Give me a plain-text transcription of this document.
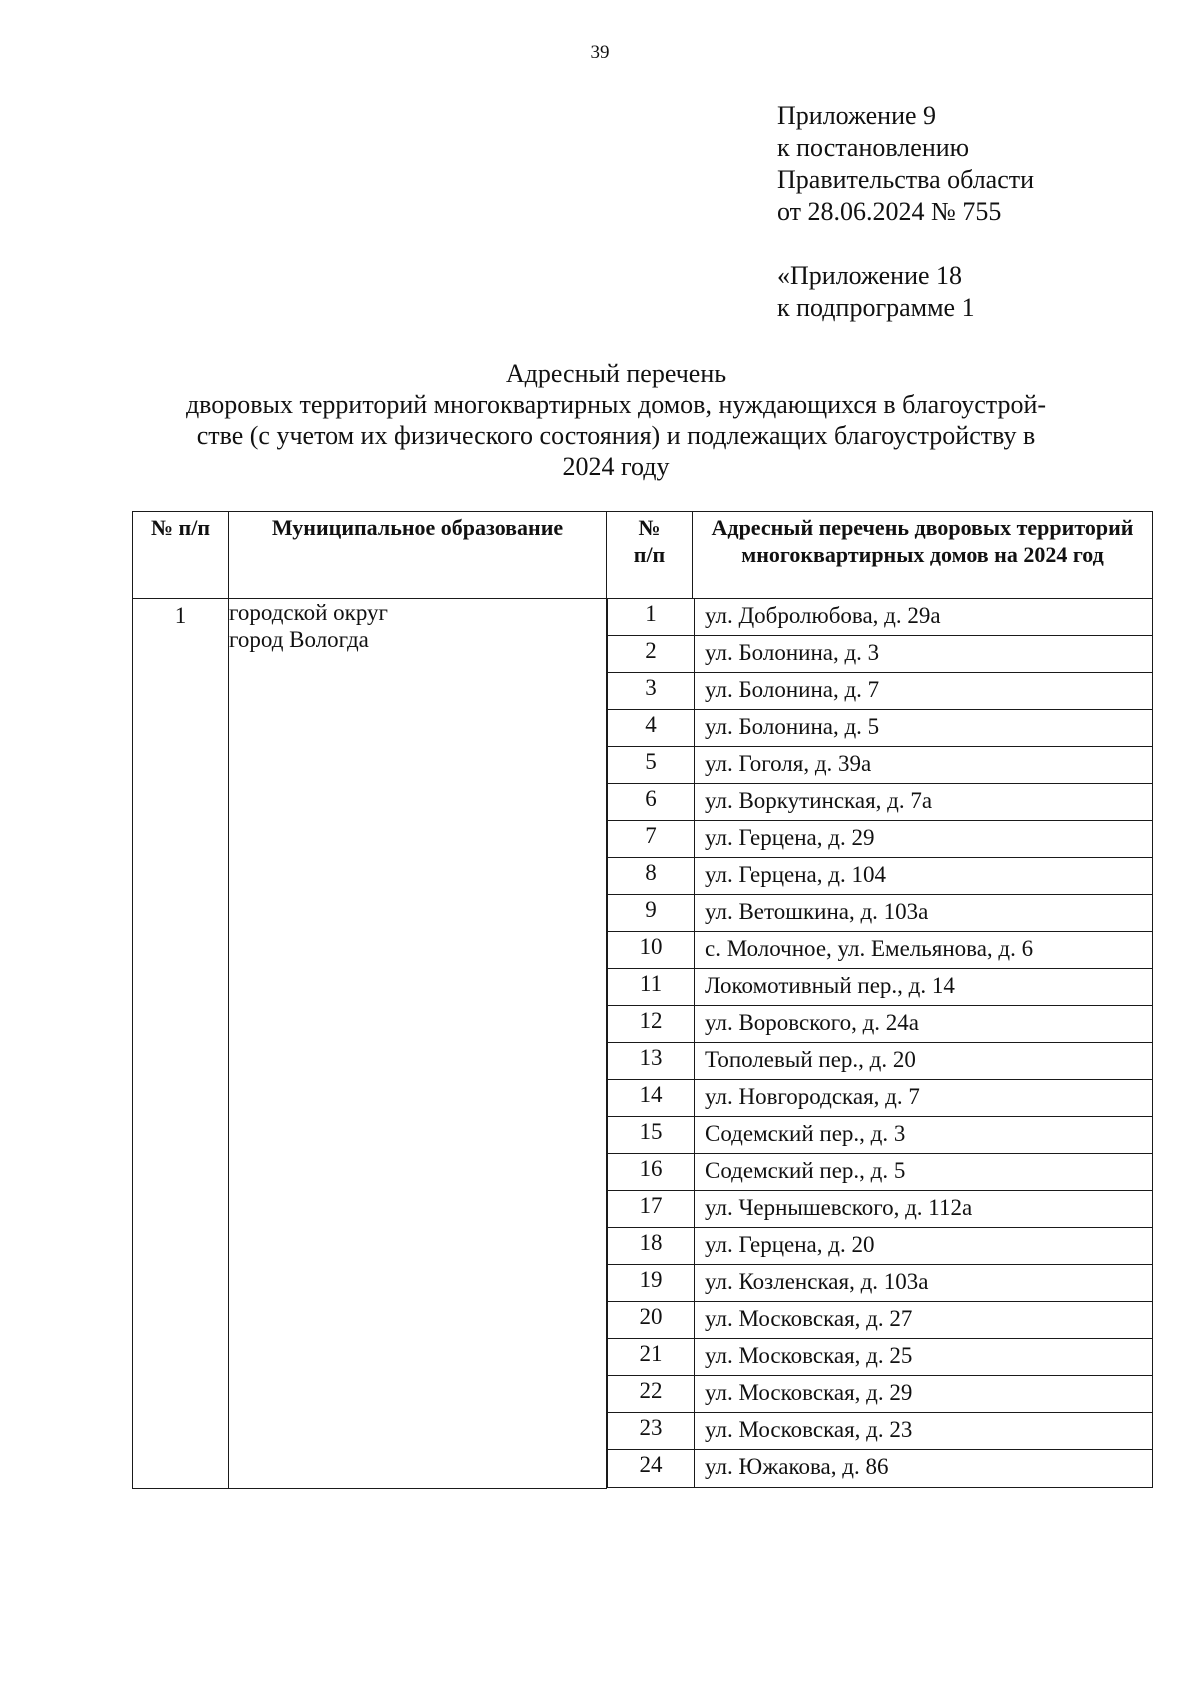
39
Приложение 9
к постановлению
Правительства области
от 28.06.2024 № 755
«Приложение 18
к подпрограмме 1
Адресный перечень
дворовых территорий многоквартирных домов, нуждающихся в благоустрой-
стве (с учетом их физического состояния) и подлежащих благоустройству в
2024 году
№ п/п	Муниципальное образование	№
п/п
	Адресный перечень дворовых территорий многоквартирных домов на 2024 год
1	городской округ
город Вологда

1	ул. Добролюбова, д. 29а
2	ул. Болонина, д. 3
3	ул. Болонина, д. 7
4	ул. Болонина, д. 5
5	ул. Гоголя, д. 39а
6	ул. Воркутинская, д. 7а
7	ул. Герцена, д. 29
8	ул. Герцена, д. 104
9	ул. Ветошкина, д. 103а
10	с. Молочное, ул. Емельянова, д. 6
11	Локомотивный пер., д. 14
12	ул. Воровского, д. 24а
13	Тополевый пер., д. 20
14	ул. Новгородская, д. 7
15	Содемский пер., д. 3
16	Содемский пер., д. 5
17	ул. Чернышевского, д. 112а
18	ул. Герцена, д. 20
19	ул. Козленская, д. 103а
20	ул. Московская, д. 27
21	ул. Московская, д. 25
22	ул. Московская, д. 29
23	ул. Московская, д. 23
24	ул. Южакова, д. 86
